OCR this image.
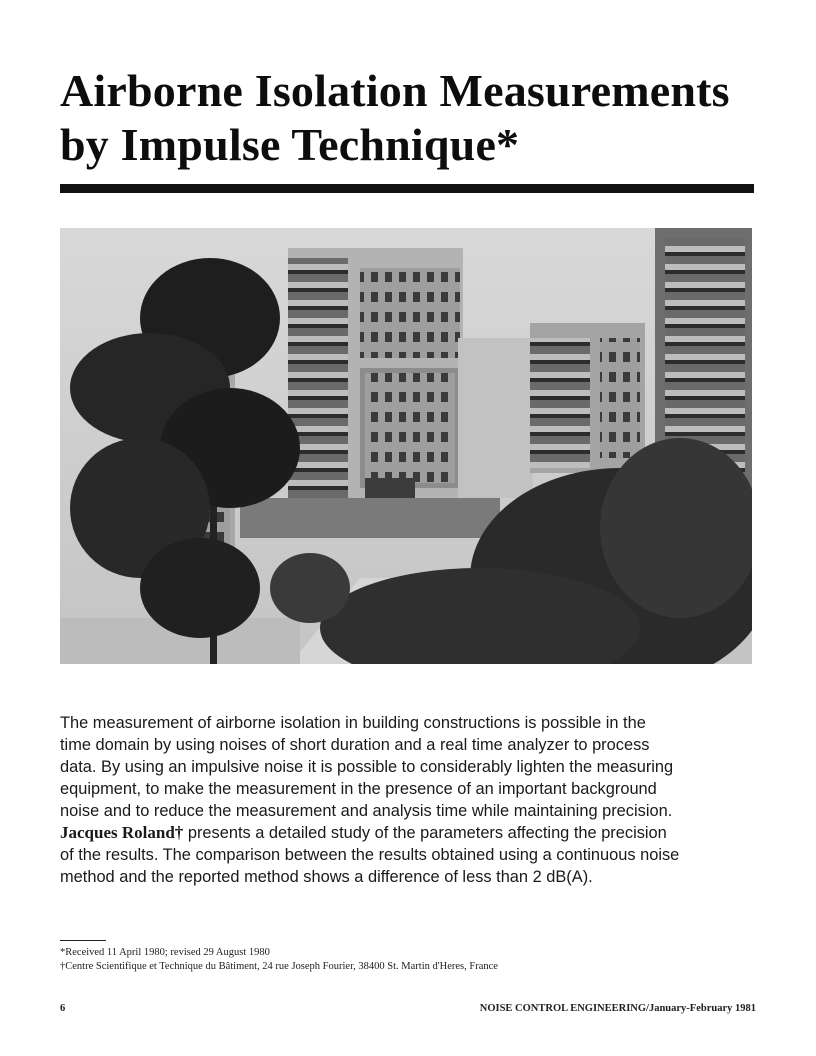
Airborne Isolation Measurements
by Impulse Technique*
The measurement of airborne isolation in building constructions is possible in the
time domain by using noises of short duration and a real time analyzer to process
data. By using an impulsive noise it is possible to considerably lighten the measuring
equipment, to make the measurement in the presence of an important background
noise and to reduce the measurement and analysis time while maintaining precision.
Jacques Roland† presents a detailed study of the parameters affecting the precision
of the results. The comparison between the results obtained using a continuous noise
method and the reported method shows a difference of less than 2 dB(A).
*Received 11 April 1980; revised 29 August 1980
†Centre Scientifique et Technique du Bâtiment, 24 rue Joseph Fourier, 38400 St. Martin d'Heres, France
6	NOISE CONTROL ENGINEERING/January-February 1981
